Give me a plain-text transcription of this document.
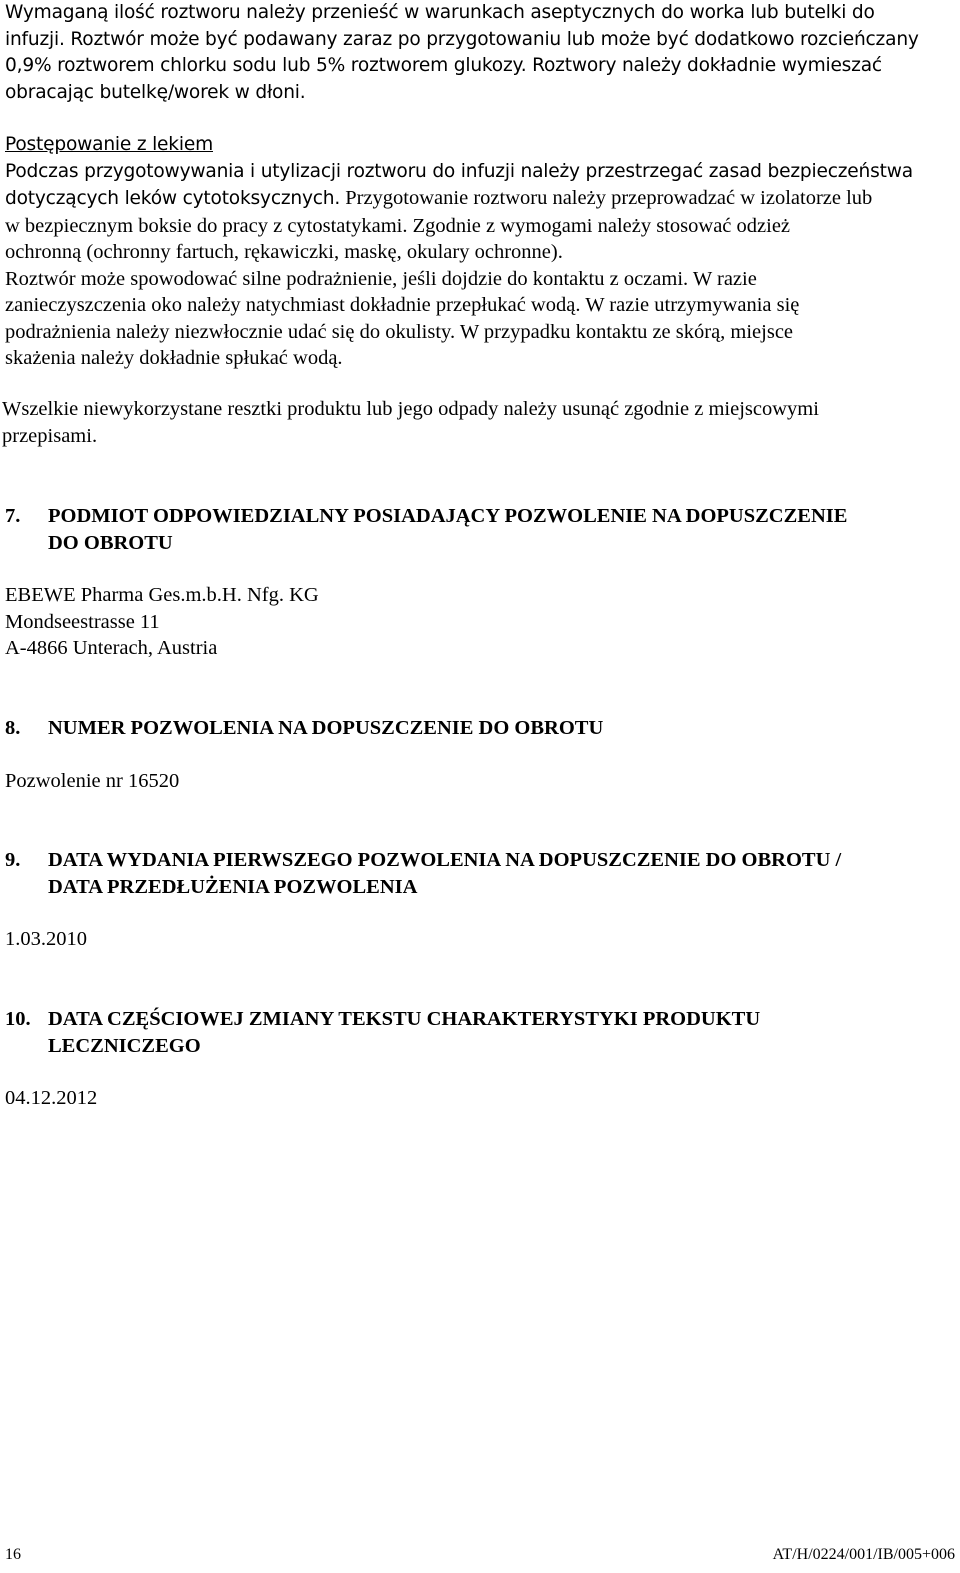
Wymaganą ilość roztworu należy przenieść w warunkach aseptycznych do worka lub butelki do

infuzji. Roztwór może być podawany zaraz po przygotowaniu lub może być dodatkowo rozcieńczany

0,9% roztworem chlorku sodu lub 5% roztworem glukozy. Roztwory należy dokładnie wymieszać

obracając butelkę/worek w dłoni.

Postępowanie z lekiem

Podczas przygotowywania i utylizacji roztworu do infuzji należy przestrzegać zasad bezpieczeństwa

dotyczących leków cytotoksycznych. Przygotowanie roztworu należy przeprowadzać w izolatorze lub

w bezpiecznym boksie do pracy z cytostatykami. Zgodnie z wymogami należy stosować odzież

ochronną (ochronny fartuch, rękawiczki, maskę, okulary ochronne).

Roztwór może spowodować silne podrażnienie, jeśli dojdzie do kontaktu z oczami. W razie

zanieczyszczenia oko należy natychmiast dokładnie przepłukać wodą. W razie utrzymywania się

podrażnienia należy niezwłocznie udać się do okulisty. W przypadku kontaktu ze skórą, miejsce

skażenia należy dokładnie spłukać wodą.

Wszelkie niewykorzystane resztki produktu lub jego odpady należy usunąć zgodnie z miejscowymi

przepisami.

7.	PODMIOT ODPOWIEDZIALNY POSIADAJĄCY POZWOLENIE NA DOPUSZCZENIE

DO OBROTU

EBEWE Pharma Ges.m.b.H. Nfg. KG

Mondseestrasse 11

A-4866 Unterach, Austria

8.	NUMER POZWOLENIA NA DOPUSZCZENIE DO OBROTU

Pozwolenie nr 16520

9.	DATA WYDANIA PIERWSZEGO POZWOLENIA NA DOPUSZCZENIE DO OBROTU /

DATA PRZEDŁUŻENIA POZWOLENIA

1.03.2010

10. DATA CZĘŚCIOWEJ ZMIANY TEKSTU CHARAKTERYSTYKI PRODUKTU

LECZNICZEGO

04.12.2012

16	AT/H/0224/001/IB/005+006
